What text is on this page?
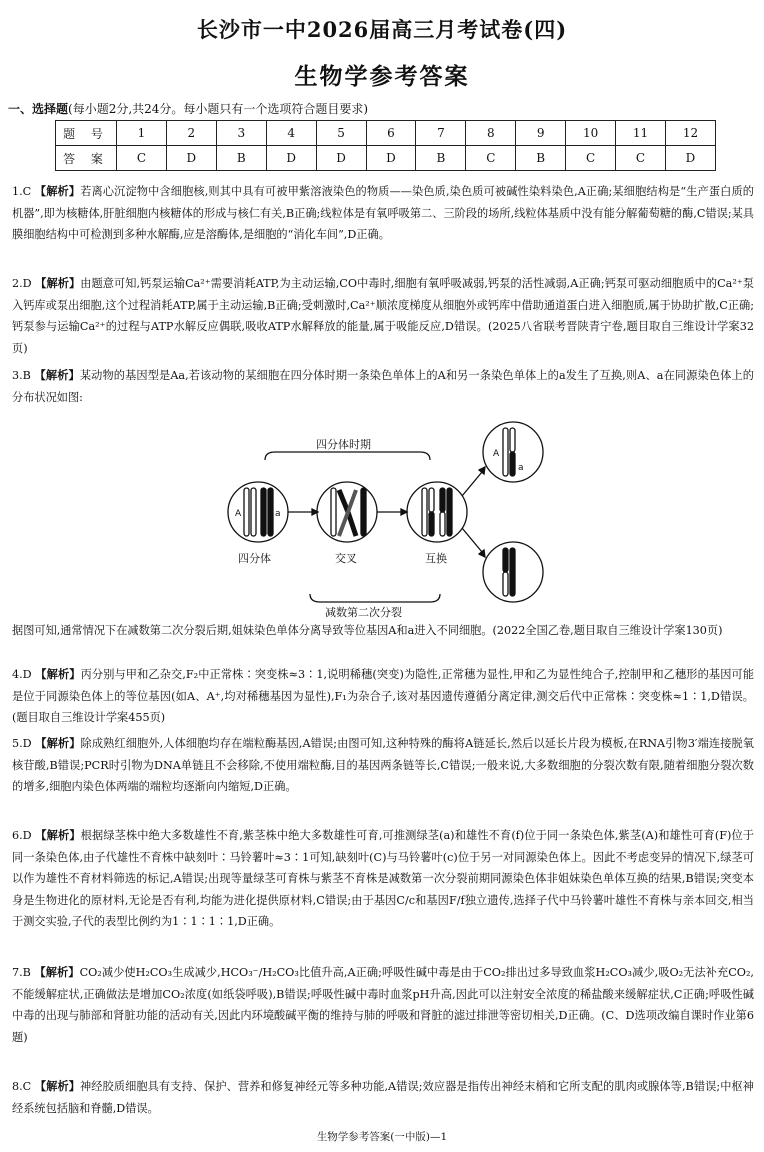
长沙市一中2026届高三月考试卷(四)
生物学参考答案
一、选择题(每小题2分,共24分。每小题只有一个选项符合题目要求)
题 号	1	2	3	4	5	6	7	8	9	10	11	12
答 案	C	D	B	D	D	D	B	C	B	C	C	D
1.C 【解析】若离心沉淀物中含细胞核,则其中具有可被甲紫溶液染色的物质——染色质,染色质可被碱性染料染色,A正确;某细胞结构是“生产蛋白质的机器”,即为核糖体,肝脏细胞内核糖体的形成与核仁有关,B正确;线粒体是有氧呼吸第二、三阶段的场所,线粒体基质中没有能分解葡萄糖的酶,C错误;某具膜细胞结构中可检测到多种水解酶,应是溶酶体,是细胞的“消化车间”,D正确。
2.D 【解析】由题意可知,钙泵运输Ca²⁺需要消耗ATP,为主动运输,CO中毒时,细胞有氧呼吸减弱,钙泵的活性减弱,A正确;钙泵可驱动细胞质中的Ca²⁺泵入钙库或泵出细胞,这个过程消耗ATP,属于主动运输,B正确;受刺激时,Ca²⁺顺浓度梯度从细胞外或钙库中借助通道蛋白进入细胞质,属于协助扩散,C正确;钙泵参与运输Ca²⁺的过程与ATP水解反应偶联,吸收ATP水解释放的能量,属于吸能反应,D错误。(2025八省联考晋陕青宁卷,题目取自三维设计学案32页)
3.B 【解析】某动物的基因型是Aa,若该动物的某细胞在四分体时期一条染色单体上的A和另一条染色单体上的a发生了互换,则A、a在同源染色体上的分布状况如图:
四分体时期
四分体	交叉	互换
减数第二次分裂
A	a
A
a
据图可知,通常情况下在减数第二次分裂后期,姐妹染色单体分离导致等位基因A和a进入不同细胞。(2022全国乙卷,题目取自三维设计学案130页)
4.D 【解析】丙分别与甲和乙杂交,F₂中正常株∶突变株≈3∶1,说明稀穗(突变)为隐性,正常穗为显性,甲和乙为显性纯合子,控制甲和乙穗形的基因可能是位于同源染色体上的等位基因(如A、A⁺,均对稀穗基因为显性),F₁为杂合子,该对基因遗传遵循分离定律,测交后代中正常株∶突变株≈1∶1,D错误。(题目取自三维设计学案455页)
5.D 【解析】除成熟红细胞外,人体细胞均存在端粒酶基因,A错误;由图可知,这种特殊的酶将A链延长,然后以延长片段为模板,在RNA引物3′端连接脱氧核苷酸,B错误;PCR时引物为DNA单链且不会移除,不使用端粒酶,目的基因两条链等长,C错误;一般来说,大多数细胞的分裂次数有限,随着细胞分裂次数的增多,细胞内染色体两端的端粒均逐渐向内缩短,D正确。
6.D 【解析】根据绿茎株中绝大多数雄性不育,紫茎株中绝大多数雄性可育,可推测绿茎(a)和雄性不育(f)位于同一条染色体,紫茎(A)和雄性可育(F)位于同一条染色体,由子代雄性不育株中缺刻叶∶马铃薯叶≈3∶1可知,缺刻叶(C)与马铃薯叶(c)位于另一对同源染色体上。因此不考虑变异的情况下,绿茎可以作为雄性不育材料筛选的标记,A错误;出现等量绿茎可育株与紫茎不育株是减数第一次分裂前期同源染色体非姐妹染色单体互换的结果,B错误;突变本身是生物进化的原材料,无论是否有利,均能为进化提供原材料,C错误;由于基因C/c和基因F/f独立遗传,选择子代中马铃薯叶雄性不育株与亲本回交,相当于测交实验,子代的表型比例约为1∶1∶1∶1,D正确。
7.B 【解析】CO₂减少使H₂CO₃生成减少,HCO₃⁻/H₂CO₃比值升高,A正确;呼吸性碱中毒是由于CO₂排出过多导致血浆H₂CO₃减少,吸O₂无法补充CO₂,不能缓解症状,正确做法是增加CO₂浓度(如纸袋呼吸),B错误;呼吸性碱中毒时血浆pH升高,因此可以注射安全浓度的稀盐酸来缓解症状,C正确;呼吸性碱中毒的出现与肺部和肾脏功能的活动有关,因此内环境酸碱平衡的维持与肺的呼吸和肾脏的滤过排泄等密切相关,D正确。(C、D选项改编自课时作业第6题)
8.C 【解析】神经胶质细胞具有支持、保护、营养和修复神经元等多种功能,A错误;效应器是指传出神经末梢和它所支配的肌肉或腺体等,B错误;中枢神经系统包括脑和脊髓,D错误。
生物学参考答案(一中版)—1
